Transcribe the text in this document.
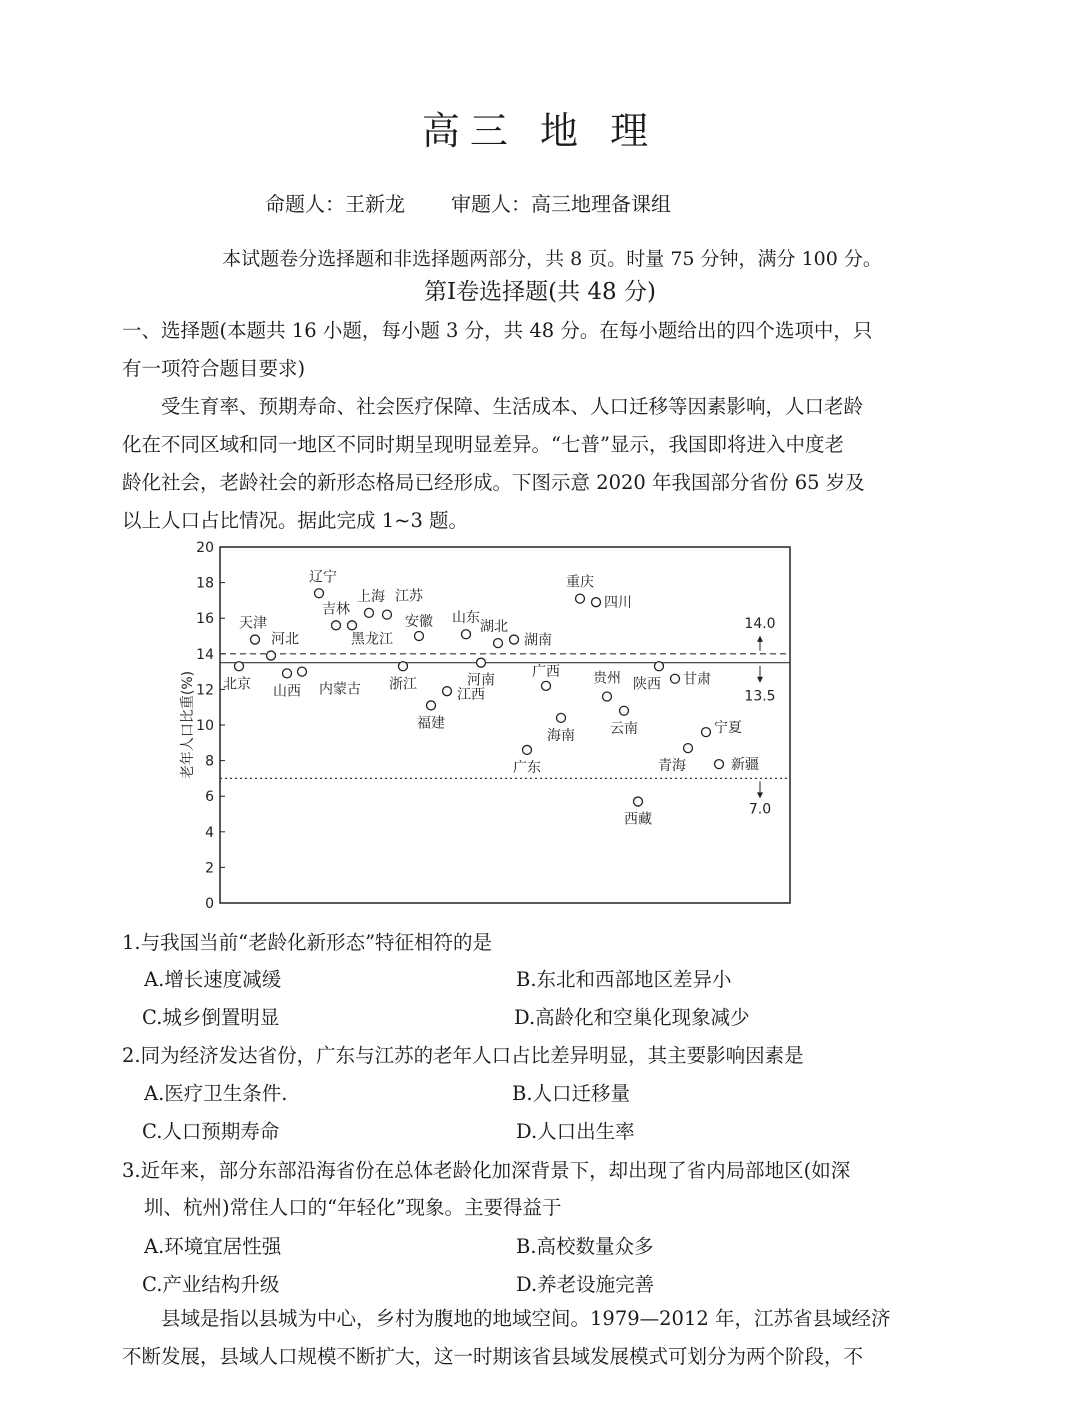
高三 地 理
命题人：王新龙 审题人：高三地理备课组
本试题卷分选择题和非选择题两部分，共 8 页。时量 75 分钟，满分 100 分。
第Ⅰ卷选择题(共 48 分)
一、选择题(本题共 16 小题，每小题 3 分，共 48 分。在每小题给出的四个选项中，只
有一项符合题目要求)
受生育率、预期寿命、社会医疗保障、生活成本、人口迁移等因素影响，人口老龄
化在不同区域和同一地区不同时期呈现明显差异。“七普”显示，我国即将进入中度老
龄化社会，老龄社会的新形态格局已经形成。下图示意 2020 年我国部分省份 65 岁及
以上人口占比情况。据此完成 1~3 题。
0
2
4
6
8
10
12
14
16
18
20
老年人口比重(%)
14.0
13.5
7.0
北京
天津
河北
山西 内蒙古
辽宁
吉林
黑龙江
上海 江苏
浙江
安徽
福建
江西
山东
河南
湖北
湖南
广东
广西
海南
重庆
四川
贵州
云南
西藏
陕西 甘肃
青海
宁夏
新疆
1.与我国当前“老龄化新形态”特征相符的是
A.增长速度减缓	B.东北和西部地区差异小
C.城乡倒置明显	D.高龄化和空巢化现象减少
2.同为经济发达省份，广东与江苏的老年人口占比差异明显，其主要影响因素是
A.医疗卫生条件.	B.人口迁移量
C.人口预期寿命	D.人口出生率
3.近年来，部分东部沿海省份在总体老龄化加深背景下，却出现了省内局部地区(如深
圳、杭州)常住人口的“年轻化”现象。主要得益于
A.环境宜居性强	B.高校数量众多
C.产业结构升级	D.养老设施完善
县域是指以县城为中心，乡村为腹地的地域空间。1979—2012 年，江苏省县域经济
不断发展，县域人口规模不断扩大，这一时期该省县域发展模式可划分为两个阶段，不
